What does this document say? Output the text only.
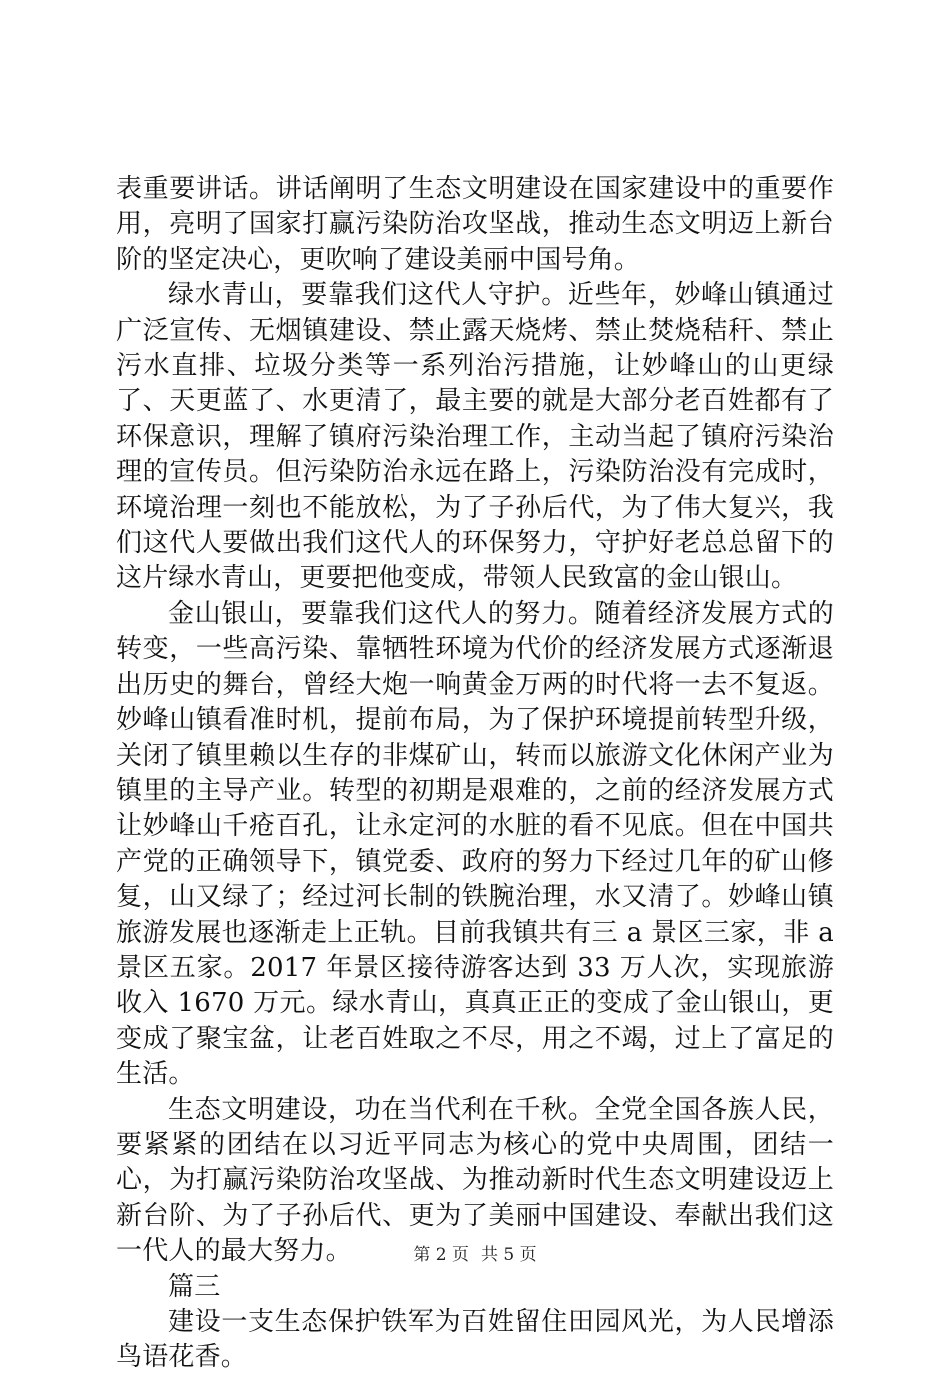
表重要讲话。讲话阐明了生态文明建设在国家建设中的重要作用，亮明了国家打赢污染防治攻坚战，推动生态文明迈上新台阶的坚定决心，更吹响了建设美丽中国号角。

绿水青山，要靠我们这代人守护。近些年，妙峰山镇通过广泛宣传、无烟镇建设、禁止露天烧烤、禁止焚烧秸秆、禁止污水直排、垃圾分类等一系列治污措施，让妙峰山的山更绿了、天更蓝了、水更清了，最主要的就是大部分老百姓都有了环保意识，理解了镇府污染治理工作，主动当起了镇府污染治理的宣传员。但污染防治永远在路上，污染防治没有完成时，环境治理一刻也不能放松，为了子孙后代，为了伟大复兴，我们这代人要做出我们这代人的环保努力，守护好老总总留下的这片绿水青山，更要把他变成，带领人民致富的金山银山。

金山银山，要靠我们这代人的努力。随着经济发展方式的转变，一些高污染、靠牺牲环境为代价的经济发展方式逐渐退出历史的舞台，曾经大炮一响黄金万两的时代将一去不复返。妙峰山镇看准时机，提前布局，为了保护环境提前转型升级，关闭了镇里赖以生存的非煤矿山，转而以旅游文化休闲产业为镇里的主导产业。转型的初期是艰难的，之前的经济发展方式让妙峰山千疮百孔，让永定河的水脏的看不见底。但在中国共产党的正确领导下，镇党委、政府的努力下经过几年的矿山修复，山又绿了；经过河长制的铁腕治理，水又清了。妙峰山镇旅游发展也逐渐走上正轨。目前我镇共有三 a 景区三家，非 a 景区五家。2017 年景区接待游客达到 33 万人次，实现旅游收入 1670 万元。绿水青山，真真正正的变成了金山银山，更变成了聚宝盆，让老百姓取之不尽，用之不竭，过上了富足的生活。

生态文明建设，功在当代利在千秋。全党全国各族人民，要紧紧的团结在以习近平同志为核心的党中央周围，团结一心，为打赢污染防治攻坚战、为推动新时代生态文明建设迈上新台阶、为了子孙后代、更为了美丽中国建设、奉献出我们这一代人的最大努力。

篇三

建设一支生态保护铁军为百姓留住田园风光，为人民增添鸟语花香。

第 2 页 共 5 页
